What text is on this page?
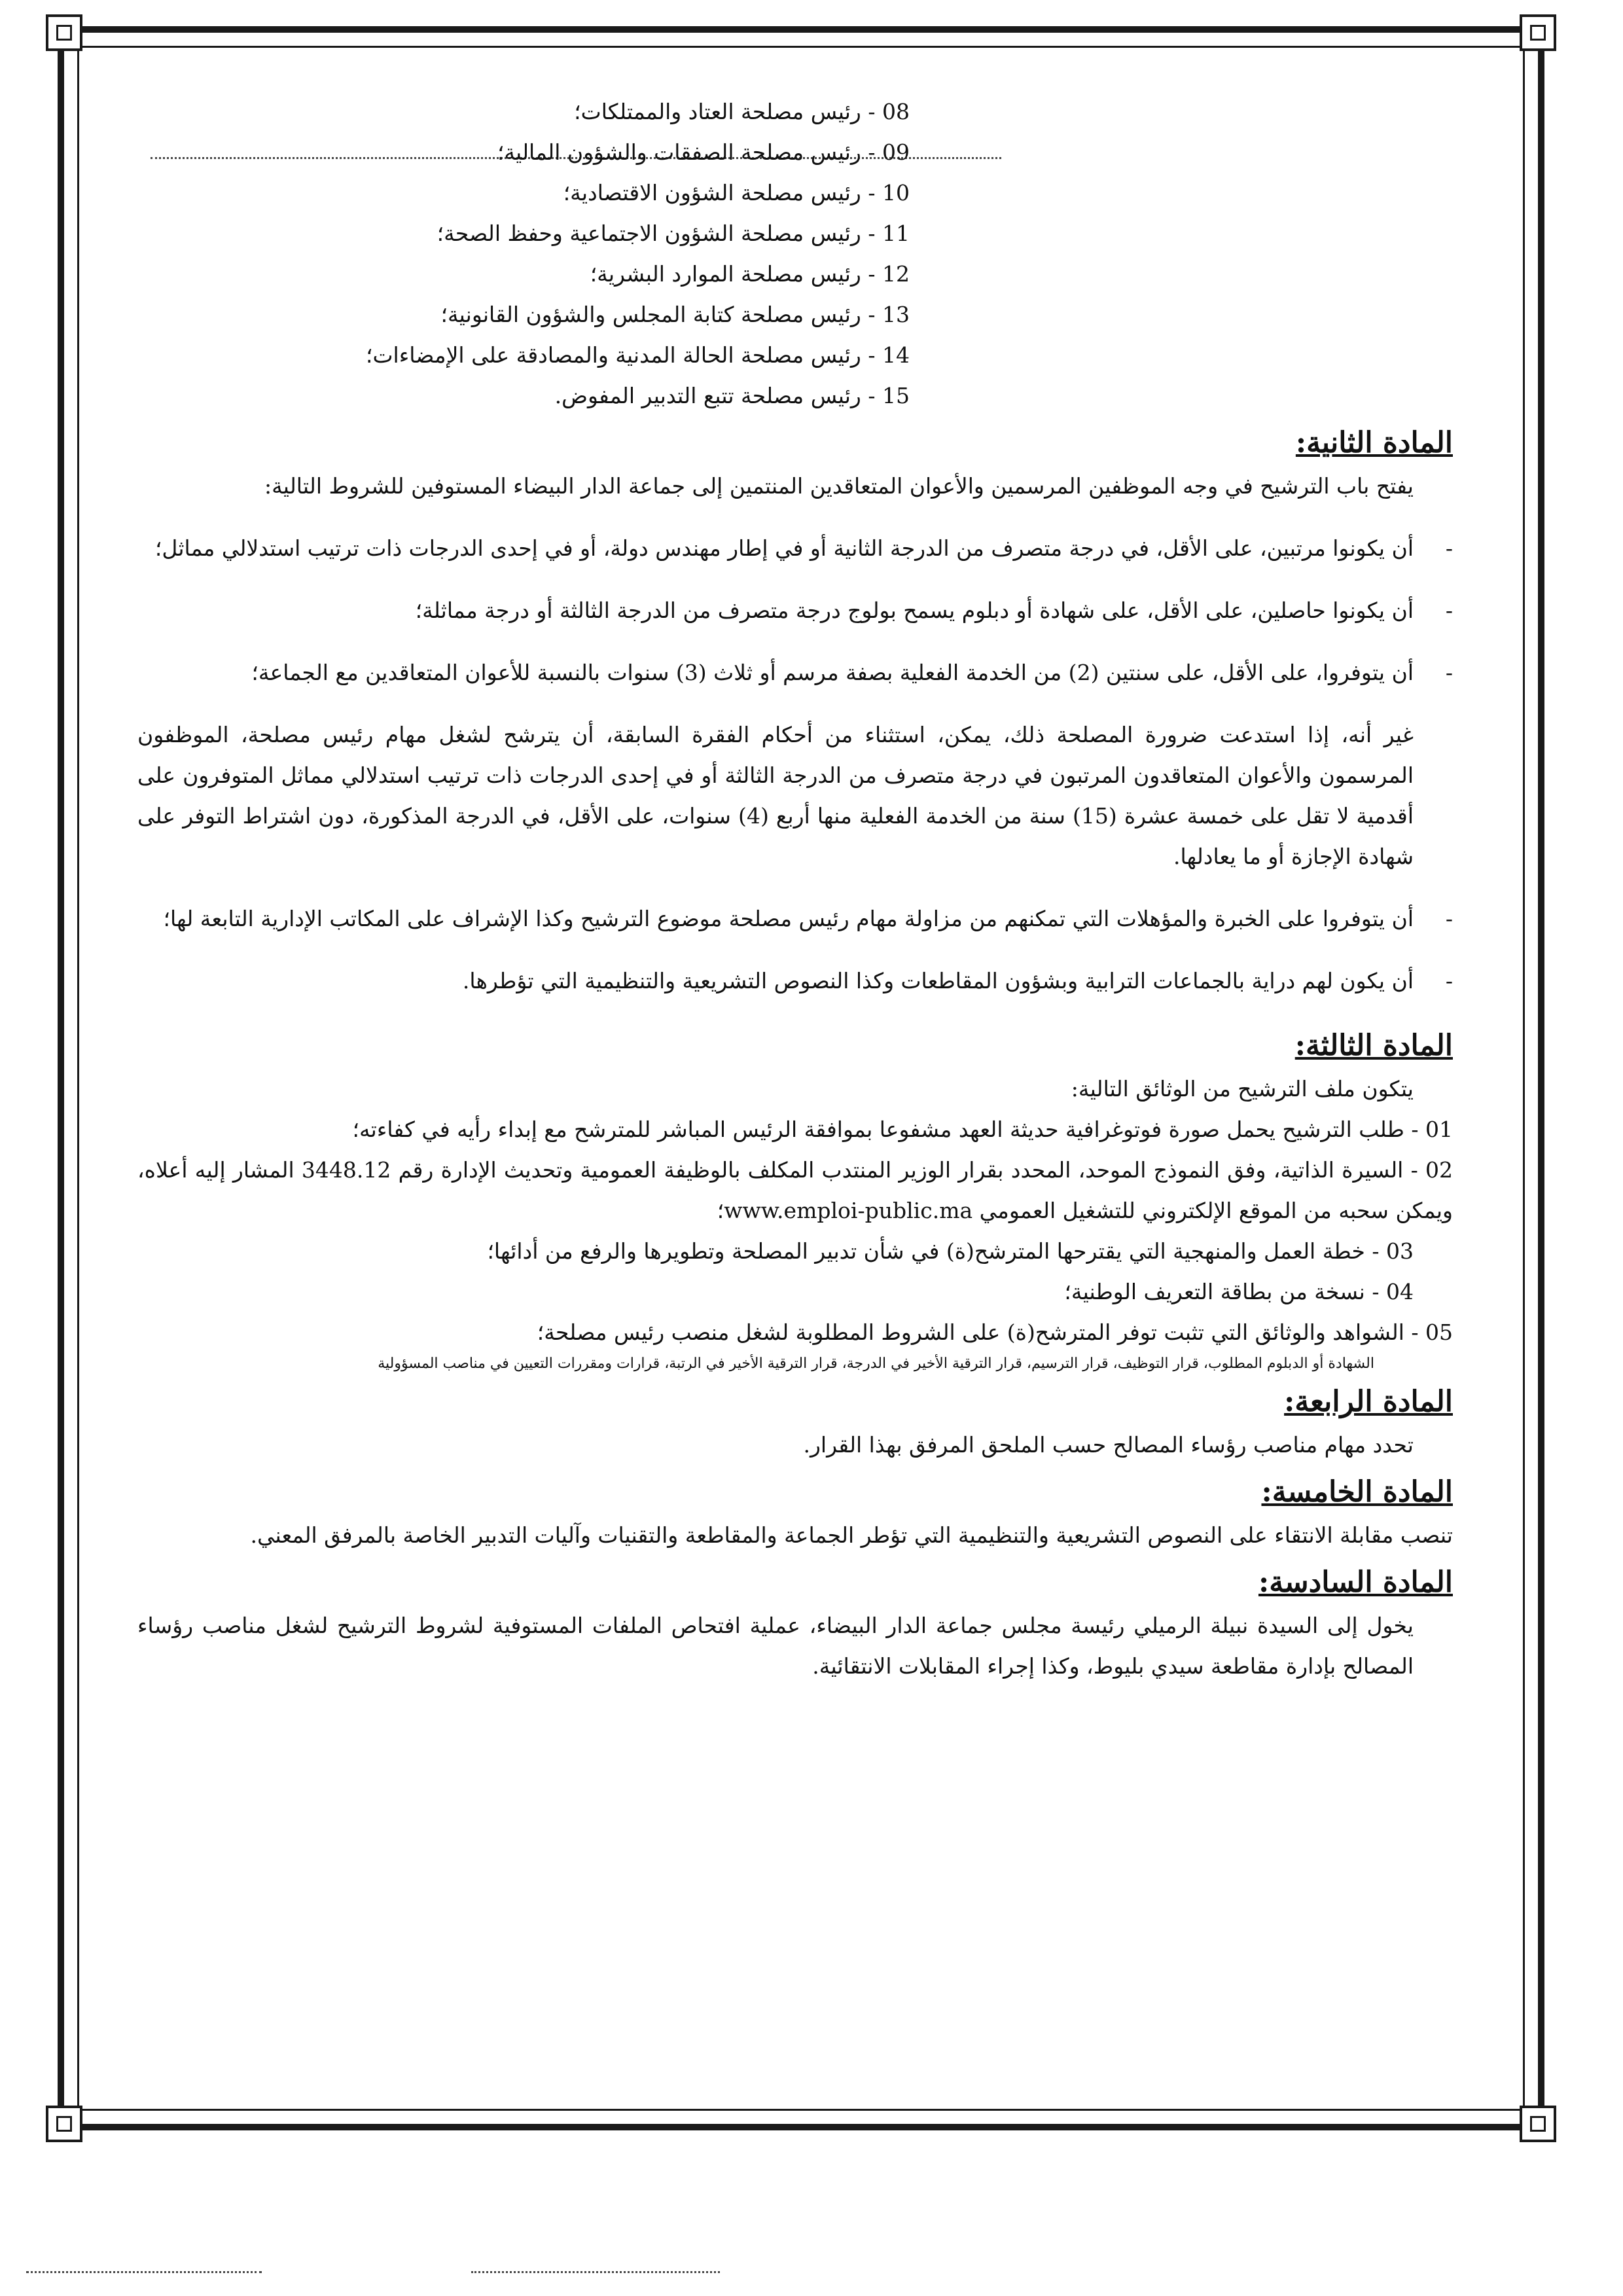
08 - رئيس مصلحة العتاد والممتلكات؛

09 - رئيس مصلحة الصفقات والشؤون المالية؛

10 - رئيس مصلحة الشؤون الاقتصادية؛

11 - رئيس مصلحة الشؤون الاجتماعية وحفظ الصحة؛

12 - رئيس مصلحة الموارد البشرية؛

13 - رئيس مصلحة كتابة المجلس والشؤون القانونية؛

14 - رئيس مصلحة الحالة المدنية والمصادقة على الإمضاءات؛

15 - رئيس مصلحة تتبع التدبير المفوض.

المادة الثانية:

يفتح باب الترشيح في وجه الموظفين المرسمين والأعوان المتعاقدين المنتمين إلى جماعة الدار البيضاء المستوفين للشروط التالية:

- أن يكونوا مرتبين، على الأقل، في درجة متصرف من الدرجة الثانية أو في إطار مهندس دولة، أو في إحدى الدرجات ذات ترتيب استدلالي مماثل؛

- أن يكونوا حاصلين، على الأقل، على شهادة أو دبلوم يسمح بولوج درجة متصرف من الدرجة الثالثة أو درجة مماثلة؛

- أن يتوفروا، على الأقل، على سنتين (2) من الخدمة الفعلية بصفة مرسم أو ثلاث (3) سنوات بالنسبة للأعوان المتعاقدين مع الجماعة؛

غير أنه، إذا استدعت ضرورة المصلحة ذلك، يمكن، استثناء من أحكام الفقرة السابقة، أن يترشح لشغل مهام رئيس مصلحة، الموظفون المرسمون والأعوان المتعاقدون المرتبون في درجة متصرف من الدرجة الثالثة أو في إحدى الدرجات ذات ترتيب استدلالي مماثل المتوفرون على أقدمية لا تقل على خمسة عشرة (15) سنة من الخدمة الفعلية منها أربع (4) سنوات، على الأقل، في الدرجة المذكورة، دون اشتراط التوفر على شهادة الإجازة أو ما يعادلها.

- أن يتوفروا على الخبرة والمؤهلات التي تمكنهم من مزاولة مهام رئيس مصلحة موضوع الترشيح وكذا الإشراف على المكاتب الإدارية التابعة لها؛

- أن يكون لهم دراية بالجماعات الترابية وبشؤون المقاطعات وكذا النصوص التشريعية والتنظيمية التي تؤطرها.

المادة الثالثة:

يتكون ملف الترشيح من الوثائق التالية:

01 - طلب الترشيح يحمل صورة فوتوغرافية حديثة العهد مشفوعا بموافقة الرئيس المباشر للمترشح مع إبداء رأيه في كفاءته؛

02 - السيرة الذاتية، وفق النموذج الموحد، المحدد بقرار الوزير المنتدب المكلف بالوظيفة العمومية وتحديث الإدارة رقم 3448.12 المشار إليه أعلاه، ويمكن سحبه من الموقع الإلكتروني للتشغيل العمومي www.emploi-public.ma؛

03 - خطة العمل والمنهجية التي يقترحها المترشح(ة) في شأن تدبير المصلحة وتطويرها والرفع من أدائها؛

04 - نسخة من بطاقة التعريف الوطنية؛

05 - الشواهد والوثائق التي تثبت توفر المترشح(ة) على الشروط المطلوبة لشغل منصب رئيس مصلحة؛

الشهادة أو الدبلوم المطلوب، قرار التوظيف، قرار الترسيم، قرار الترقية الأخير في الدرجة، قرار الترقية الأخير في الرتبة، قرارات ومقررات التعيين في مناصب المسؤولية

المادة الرابعة:

تحدد مهام مناصب رؤساء المصالح حسب الملحق المرفق بهذا القرار.

المادة الخامسة:

تنصب مقابلة الانتقاء على النصوص التشريعية والتنظيمية التي تؤطر الجماعة والمقاطعة والتقنيات وآليات التدبير الخاصة بالمرفق المعني.

المادة السادسة:

يخول إلى السيدة نبيلة الرميلي رئيسة مجلس جماعة الدار البيضاء، عملية افتحاص الملفات المستوفية لشروط الترشيح لشغل مناصب رؤساء المصالح بإدارة مقاطعة سيدي بليوط، وكذا إجراء المقابلات الانتقائية.
